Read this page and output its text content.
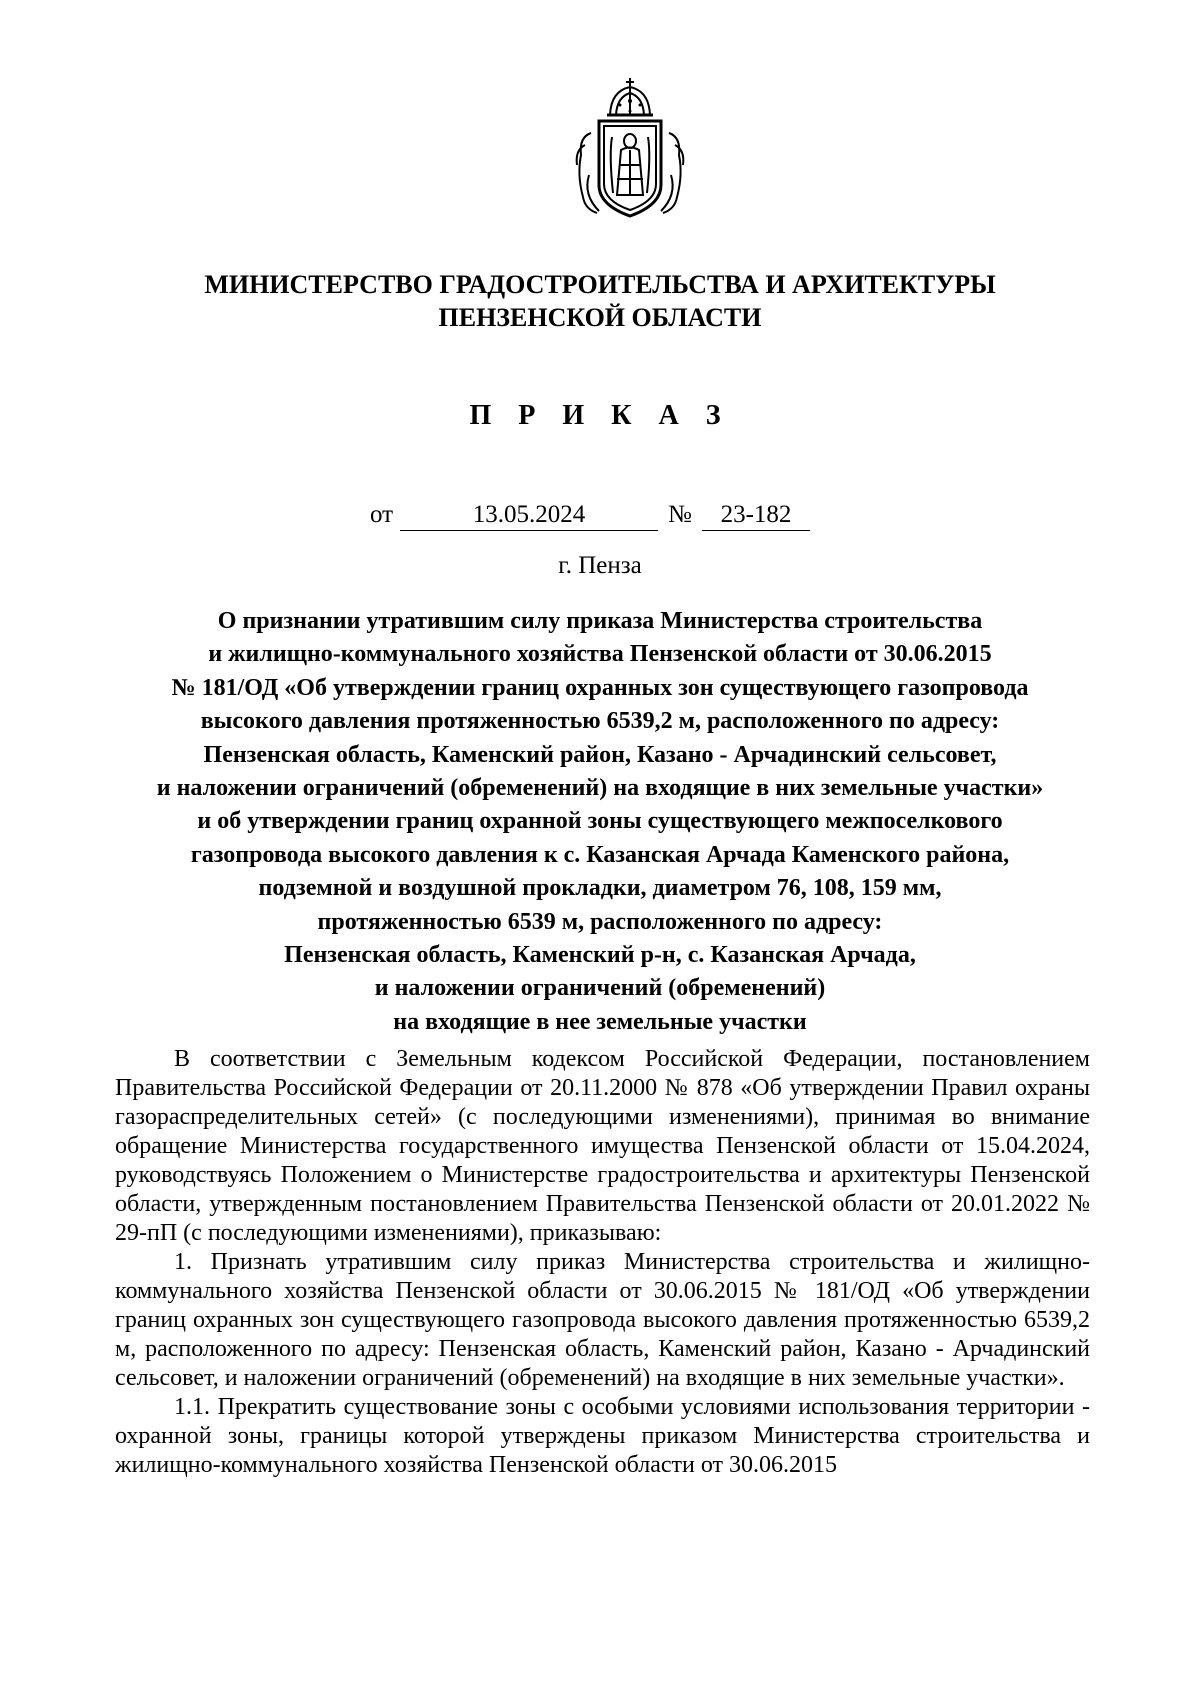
МИНИСТЕРСТВО ГРАДОСТРОИТЕЛЬСТВА И АРХИТЕКТУРЫ
ПЕНЗЕНСКОЙ ОБЛАСТИ
П Р И К А З
от	13.05.2024	№	23-182
г. Пенза
О признании утратившим силу приказа Министерства строительства
и жилищно-коммунального хозяйства Пензенской области от 30.06.2015
№ 181/ОД «Об утверждении границ охранных зон существующего газопровода
высокого давления протяженностью 6539,2 м, расположенного по адресу:
Пензенская область, Каменский район, Казано - Арчадинский сельсовет,
и наложении ограничений (обременений) на входящие в них земельные участки»
и об утверждении границ охранной зоны существующего межпоселкового
газопровода высокого давления к с. Казанская Арчада Каменского района,
подземной и воздушной прокладки, диаметром 76, 108, 159 мм,
протяженностью 6539 м, расположенного по адресу:
Пензенская область, Каменский р-н, с. Казанская Арчада,
и наложении ограничений (обременений)
на входящие в нее земельные участки

В соответствии с Земельным кодексом Российской Федерации, постановлением Правительства Российской Федерации от 20.11.2000 № 878 «Об утверждении Правил охраны газораспределительных сетей» (с последующими изменениями), принимая во внимание обращение Министерства государственного имущества Пензенской области от 15.04.2024, руководствуясь Положением о Министерстве градостроительства и архитектуры Пензенской области, утвержденным постановлением Правительства Пензенской области от 20.01.2022 № 29-пП (с последующими изменениями), приказываю:

1. Признать утратившим силу приказ Министерства строительства и жилищно-коммунального хозяйства Пензенской области от 30.06.2015 № 181/ОД «Об утверждении границ охранных зон существующего газопровода высокого давления протяженностью 6539,2 м, расположенного по адресу: Пензенская область, Каменский район, Казано - Арчадинский сельсовет, и наложении ограничений (обременений) на входящие в них земельные участки».

1.1. Прекратить существование зоны с особыми условиями использования территории - охранной зоны, границы которой утверждены приказом Министерства строительства и жилищно-коммунального хозяйства Пензенской области от 30.06.2015
